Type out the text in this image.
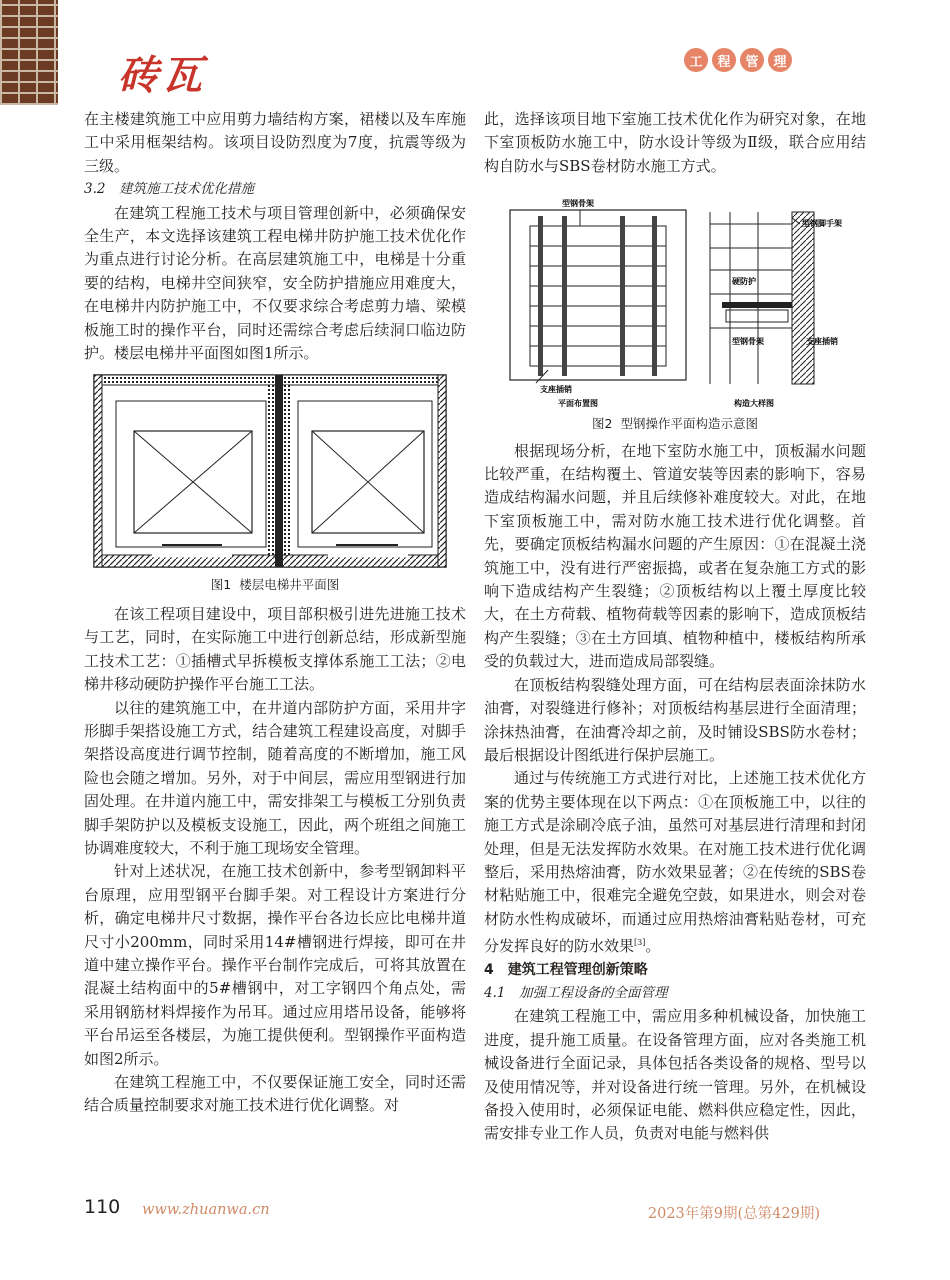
砖瓦	工	程	管	理

在主楼建筑施工中应用剪力墙结构方案，裙楼以及车库施工中采用框架结构。该项目设防烈度为7度，抗震等级为三级。

3.2　建筑施工技术优化措施

在建筑工程施工技术与项目管理创新中，必须确保安全生产，本文选择该建筑工程电梯井防护施工技术优化作为重点进行讨论分析。在高层建筑施工中，电梯是十分重要的结构，电梯井空间狭窄，安全防护措施应用难度大，在电梯井内防护施工中，不仅要求综合考虑剪力墙、梁模板施工时的操作平台，同时还需综合考虑后续洞口临边防护。楼层电梯井平面图如图1所示。

图1 楼层电梯井平面图

在该工程项目建设中，项目部积极引进先进施工技术与工艺，同时，在实际施工中进行创新总结，形成新型施工技术工艺：①插槽式早拆模板支撑体系施工工法；②电梯井移动硬防护操作平台施工工法。

以往的建筑施工中，在井道内部防护方面，采用井字形脚手架搭设施工方式，结合建筑工程建设高度，对脚手架搭设高度进行调节控制，随着高度的不断增加，施工风险也会随之增加。另外，对于中间层，需应用型钢进行加固处理。在井道内施工中，需安排架工与模板工分别负责脚手架防护以及模板支设施工，因此，两个班组之间施工协调难度较大，不利于施工现场安全管理。

针对上述状况，在施工技术创新中，参考型钢卸料平台原理，应用型钢平台脚手架。对工程设计方案进行分析，确定电梯井尺寸数据，操作平台各边长应比电梯井道尺寸小200mm，同时采用14#槽钢进行焊接，即可在井道中建立操作平台。操作平台制作完成后，可将其放置在混凝土结构面中的5#槽钢中，对工字钢四个角点处，需采用钢筋材料焊接作为吊耳。通过应用塔吊设备，能够将平台吊运至各楼层，为施工提供便利。型钢操作平面构造如图2所示。

在建筑工程施工中，不仅要保证施工安全，同时还需结合质量控制要求对施工技术进行优化调整。对

此，选择该项目地下室施工技术优化作为研究对象，在地下室顶板防水施工中，防水设计等级为Ⅱ级，联合应用结构自防水与SBS卷材防水施工方式。

型钢骨架
支座插销
平面布置图
型钢脚手架
硬防护
型钢骨架	支座插销
构造大样图

图2 型钢操作平面构造示意图

根据现场分析，在地下室防水施工中，顶板漏水问题比较严重，在结构覆土、管道安装等因素的影响下，容易造成结构漏水问题，并且后续修补难度较大。对此，在地下室顶板施工中，需对防水施工技术进行优化调整。首先，要确定顶板结构漏水问题的产生原因：①在混凝土浇筑施工中，没有进行严密振捣，或者在复杂施工方式的影响下造成结构产生裂缝；②顶板结构以上覆土厚度比较大，在土方荷载、植物荷载等因素的影响下，造成顶板结构产生裂缝；③在土方回填、植物种植中，楼板结构所承受的负载过大，进而造成局部裂缝。

在顶板结构裂缝处理方面，可在结构层表面涂抹防水油膏，对裂缝进行修补；对顶板结构基层进行全面清理；涂抹热油膏，在油膏冷却之前，及时铺设SBS防水卷材；最后根据设计图纸进行保护层施工。

通过与传统施工方式进行对比，上述施工技术优化方案的优势主要体现在以下两点：①在顶板施工中，以往的施工方式是涂刷冷底子油，虽然可对基层进行清理和封闭处理，但是无法发挥防水效果。在对施工技术进行优化调整后，采用热熔油膏，防水效果显著；②在传统的SBS卷材粘贴施工中，很难完全避免空鼓，如果进水，则会对卷材防水性构成破坏，而通过应用热熔油膏粘贴卷材，可充分发挥良好的防水效果[3]。

4　建筑工程管理创新策略

4.1　加强工程设备的全面管理

在建筑工程施工中，需应用多种机械设备，加快施工进度，提升施工质量。在设备管理方面，应对各类施工机械设备进行全面记录，具体包括各类设备的规格、型号以及使用情况等，并对设备进行统一管理。另外，在机械设备投入使用时，必须保证电能、燃料供应稳定性，因此，需安排专业工作人员，负责对电能与燃料供

110 www.zhuanwa.cn	2023年第9期(总第429期)
